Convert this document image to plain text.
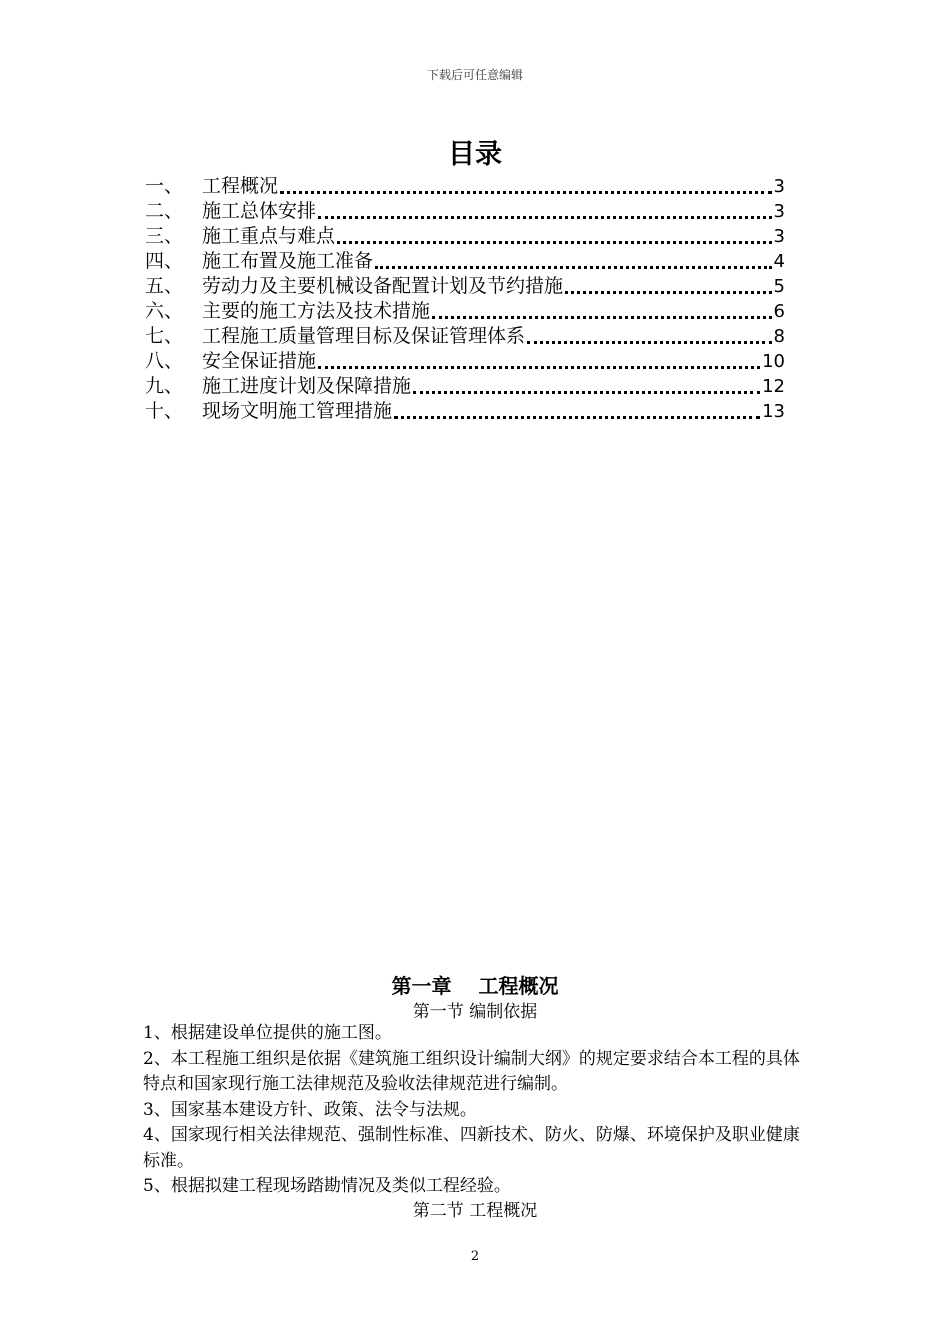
下载后可任意编辑
目录
一、 工程概况	3
二、 施工总体安排	3
三、 施工重点与难点	3
四、 施工布置及施工准备	4
五、 劳动力及主要机械设备配置计划及节约措施	5
六、 主要的施工方法及技术措施	6
七、 工程施工质量管理目标及保证管理体系	8
八、 安全保证措施	10
九、 施工进度计划及保障措施	12
十、 现场文明施工管理措施	13
第一章　 工程概况
第一节 编制依据

1、根据建设单位提供的施工图。

2、本工程施工组织是依据《建筑施工组织设计编制大纲》的规定要求结合本工程的具体特点和国家现行施工法律规范及验收法律规范进行编制。

3、国家基本建设方针、政策、法令与法规。

4、国家现行相关法律规范、强制性标准、四新技术、防火、防爆、环境保护及职业健康标准。

5、根据拟建工程现场踏勘情况及类似工程经验。

第二节 工程概况
2
